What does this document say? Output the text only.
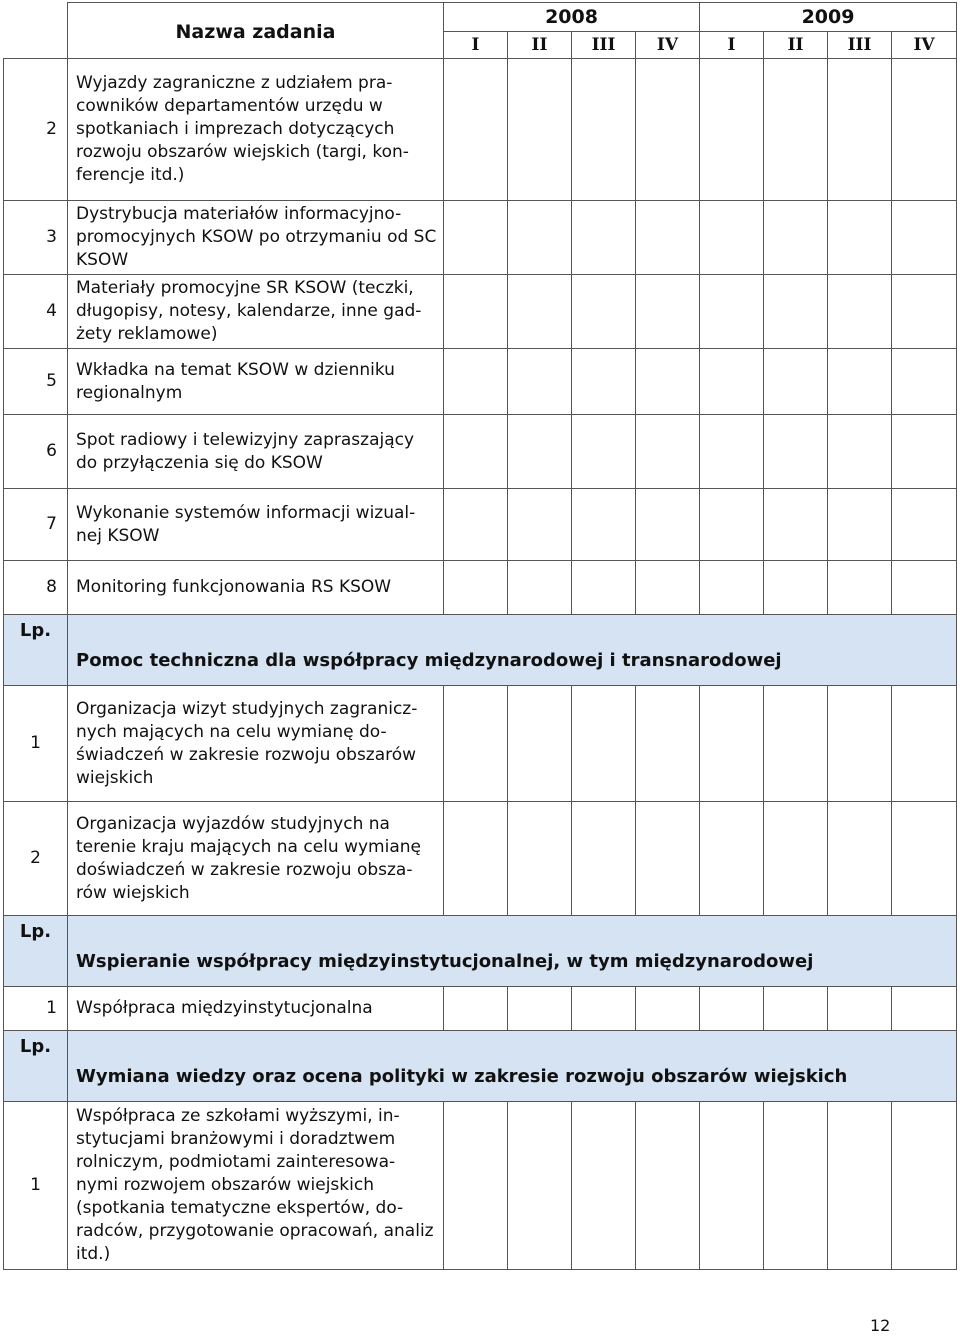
	Nazwa zadania	2008				2009			
		I	II	III	IV	I	II	III	IV
2	Wyjazdy zagraniczne z udziałem pra- cowników departamentów urzędu w spotkaniach i imprezach dotyczących rozwoju obszarów wiejskich (targi, kon- ferencje itd.)								
3	Dystrybucja materiałów informacyjno- promocyjnych KSOW po otrzymaniu od SC KSOW								
4	Materiały promocyjne SR KSOW (teczki, długopisy, notesy, kalendarze, inne gad- żety reklamowe)								
5	Wkładka na temat KSOW w dzienniku regionalnym								
6	Spot radiowy i telewizyjny zapraszający do przyłączenia się do KSOW								
7	Wykonanie systemów informacji wizual- nej KSOW								
8	Monitoring funkcjonowania RS KSOW								
Lp.	Pomoc techniczna dla współpracy międzynarodowej i transnarodowej								
1	Organizacja wizyt studyjnych zagranicz- nych mających na celu wymianę do- świadczeń w zakresie rozwoju obszarów wiejskich								
2	Organizacja wyjazdów studyjnych na terenie kraju mających na celu wymianę doświadczeń w zakresie rozwoju obsza- rów wiejskich								
Lp.	Wspieranie współpracy międzyinstytucjonalnej, w tym międzynarodowej								
1	Współpraca międzyinstytucjonalna								
Lp.	Wymiana wiedzy oraz ocena polityki w zakresie rozwoju obszarów wiejskich								
1	Współpraca ze szkołami wyższymi, in- stytucjami branżowymi i doradztwem rolniczym, podmiotami zainteresowa- nymi rozwojem obszarów wiejskich (spotkania tematyczne ekspertów, do- radców, przygotowanie opracowań, analiz itd.)								
12
